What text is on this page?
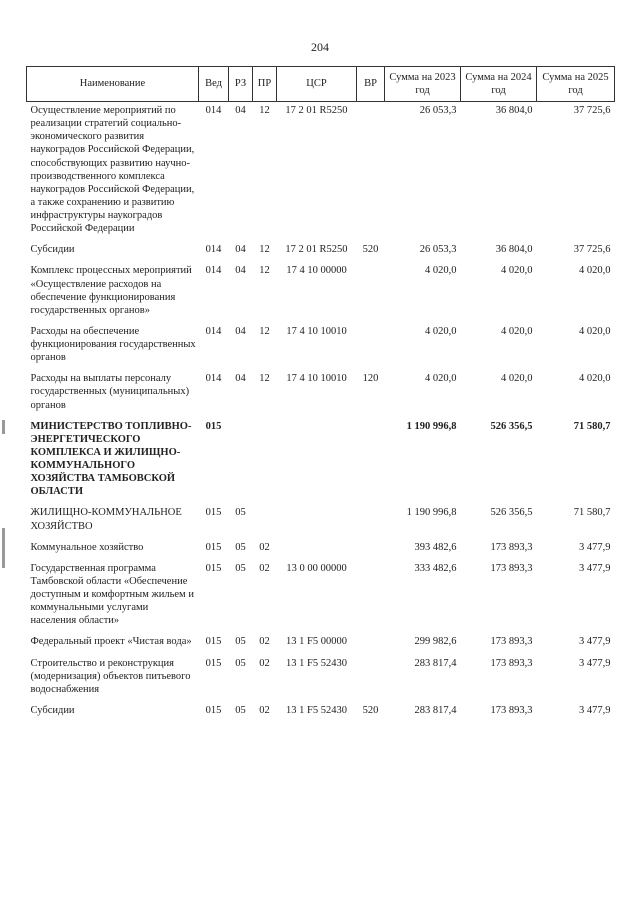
204
Наименование	Вед	РЗ	ПР	ЦСР	ВР	Сумма на 2023 год	Сумма на 2024 год	Сумма на 2025 год
Осуществление мероприятий по реализации стратегий социально-экономического развития наукоградов Российской Федерации, способствующих развитию научно-производственного комплекса наукоградов Российской Федерации, а также сохранению и развитию инфраструктуры наукоградов Российской Федерации	014	04	12	17 2 01 R5250		26 053,3	36 804,0	37 725,6
Субсидии	014	04	12	17 2 01 R5250	520	26 053,3	36 804,0	37 725,6
Комплекс процессных мероприятий «Осуществление расходов на обеспечение функционирования государственных органов»	014	04	12	17 4 10 00000		4 020,0	4 020,0	4 020,0
Расходы на обеспечение функционирования государственных органов	014	04	12	17 4 10 10010		4 020,0	4 020,0	4 020,0
Расходы на выплаты персоналу государственных (муниципальных) органов	014	04	12	17 4 10 10010	120	4 020,0	4 020,0	4 020,0
МИНИСТЕРСТВО ТОПЛИВНО-ЭНЕРГЕТИЧЕСКОГО КОМПЛЕКСА И ЖИЛИЩНО-КОММУНАЛЬНОГО ХОЗЯЙСТВА ТАМБОВСКОЙ ОБЛАСТИ	015					1 190 996,8	526 356,5	71 580,7
ЖИЛИЩНО-КОММУНАЛЬНОЕ ХОЗЯЙСТВО	015	05				1 190 996,8	526 356,5	71 580,7
Коммунальное хозяйство	015	05	02			393 482,6	173 893,3	3 477,9
Государственная программа Тамбовской области «Обеспечение доступным и комфортным жильем и коммунальными услугами населения области»	015	05	02	13 0 00 00000		333 482,6	173 893,3	3 477,9
Федеральный проект «Чистая вода»	015	05	02	13 1 F5 00000		299 982,6	173 893,3	3 477,9
Строительство и реконструкция (модернизация) объектов питьевого водоснабжения	015	05	02	13 1 F5 52430		283 817,4	173 893,3	3 477,9
Субсидии	015	05	02	13 1 F5 52430	520	283 817,4	173 893,3	3 477,9
